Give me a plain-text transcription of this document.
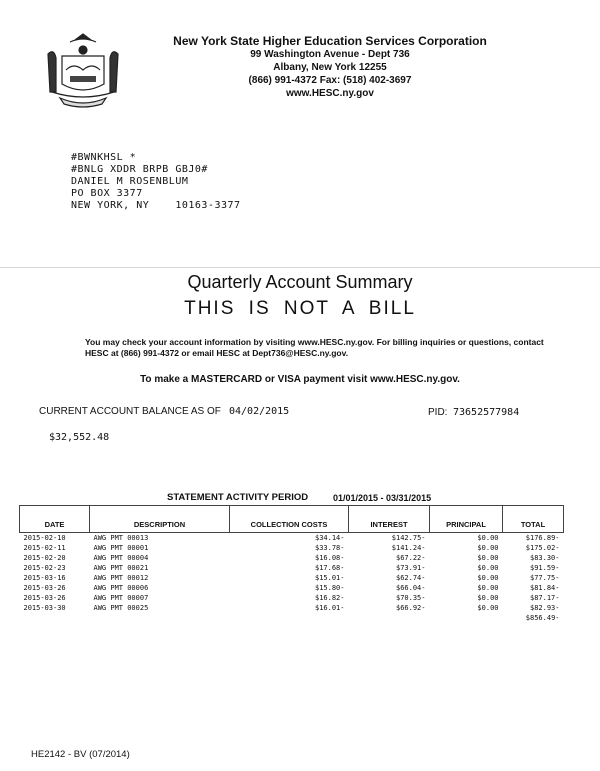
New York State Higher Education Services Corporation
99 Washington Avenue - Dept 736
Albany, New York 12255
(866) 991-4372 Fax: (518) 402-3697
www.HESC.ny.gov
#BWNKHSL *
#BNLG XDDR BRPB GBJ0#
DANIEL M ROSENBLUM
PO BOX 3377
NEW YORK, NY    10163-3377
Quarterly Account Summary
THIS IS NOT A BILL
You may check your account information by visiting www.HESC.ny.gov. For billing inquiries or questions, contact HESC at (866) 991-4372 or email HESC at Dept736@HESC.ny.gov.
To make a MASTERCARD or VISA payment visit www.HESC.ny.gov.
CURRENT ACCOUNT BALANCE AS OF 04/02/2015	PID: 73652577984
$32,552.48
STATEMENT ACTIVITY PERIOD	01/01/2015 - 03/31/2015
DATE	DESCRIPTION	COLLECTION COSTS	INTEREST	PRINCIPAL	TOTAL
2015-02-10	AWG PMT 00013	$34.14-	$142.75-	$0.00	$176.89-
2015-02-11	AWG PMT 00001	$33.78-	$141.24-	$0.00	$175.02-
2015-02-20	AWG PMT 00004	$16.08-	$67.22-	$0.00	$83.30-
2015-02-23	AWG PMT 00021	$17.68-	$73.91-	$0.00	$91.59-
2015-03-16	AWG PMT 00012	$15.01-	$62.74-	$0.00	$77.75-
2015-03-26	AWG PMT 00006	$15.80-	$66.04-	$0.00	$81.84-
2015-03-26	AWG PMT 00007	$16.82-	$70.35-	$0.00	$87.17-
2015-03-30	AWG PMT 00025	$16.01-	$66.92-	$0.00	$82.93-
					$856.49-
HE2142 - BV (07/2014)
